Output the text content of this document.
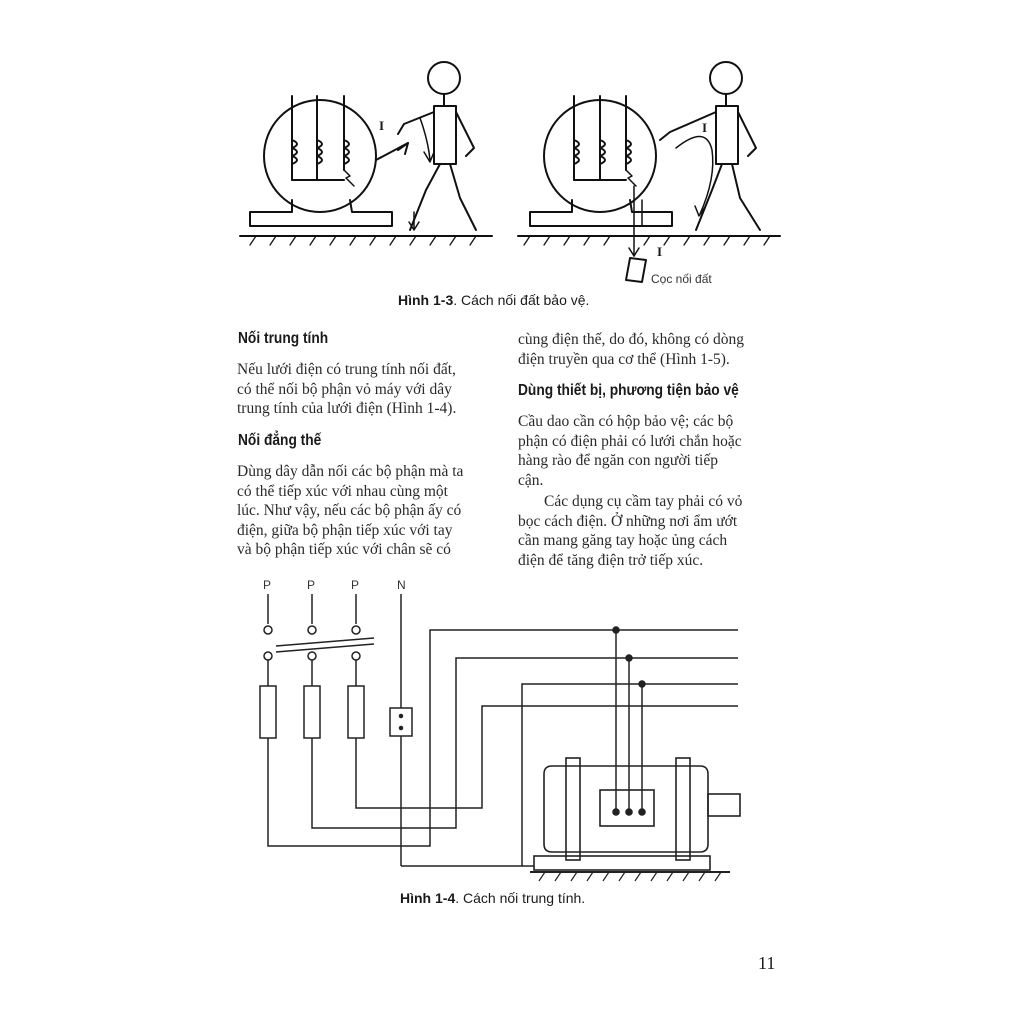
I	I
I
Cọc nối đất
Hình 1-3. Cách nối đất bảo vệ.
Nối trung tính
Nếu lưới điện có trung tính nối đất,
có thể nối bộ phận vỏ máy với dây
trung tính của lưới điện (Hình 1-4).
Nối đẳng thế
Dùng dây dẫn nối các bộ phận mà ta
có thể tiếp xúc với nhau cùng một
lúc. Như vậy, nếu các bộ phận ấy có
điện, giữa bộ phận tiếp xúc với tay
và bộ phận tiếp xúc với chân sẽ có
cùng điện thế, do đó, không có dòng
điện truyền qua cơ thể (Hình 1-5).
Dùng thiết bị, phương tiện bảo vệ
Cầu dao cần có hộp bảo vệ; các bộ
phận có điện phải có lưới chắn hoặc
hàng rào để ngăn con người tiếp
cận.
Các dụng cụ cầm tay phải có vỏ
bọc cách điện. Ở những nơi ẩm ướt
cần mang găng tay hoặc ủng cách
điện để tăng điện trở tiếp xúc.
P	P	P	N
Hình 1-4. Cách nối trung tính.
11
